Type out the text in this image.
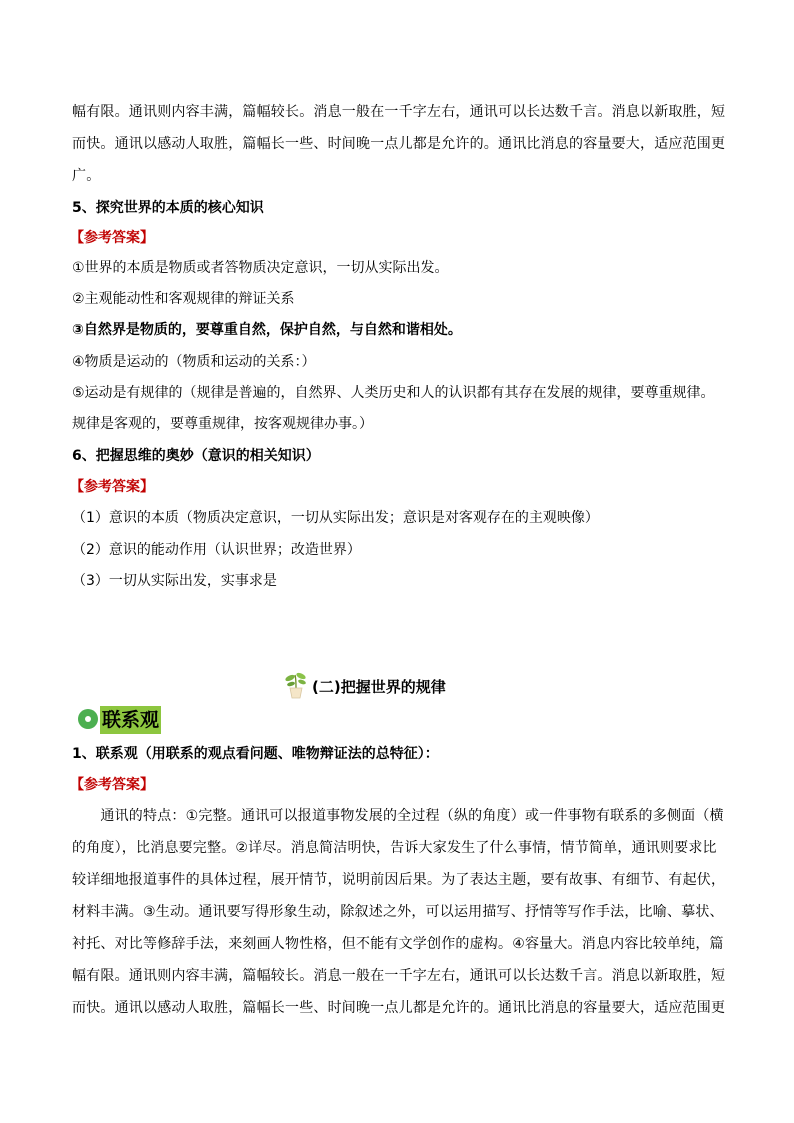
幅有限。通讯则内容丰满，篇幅较长。消息一般在一千字左右，通讯可以长达数千言。消息以新取胜，短

而快。通讯以感动人取胜，篇幅长一些、时间晚一点儿都是允许的。通讯比消息的容量要大，适应范围更

广。

5、探究世界的本质的核心知识

【参考答案】

①世界的本质是物质或者答物质决定意识，一切从实际出发。

②主观能动性和客观规律的辩证关系

③自然界是物质的，要尊重自然，保护自然，与自然和谐相处。

④物质是运动的（物质和运动的关系：）

⑤运动是有规律的（规律是普遍的，自然界、人类历史和人的认识都有其存在发展的规律，要尊重规律。

规律是客观的，要尊重规律，按客观规律办事。）

6、把握思维的奥妙（意识的相关知识）

【参考答案】

（1）意识的本质（物质决定意识，一切从实际出发；意识是对客观存在的主观映像）

（2）意识的能动作用（认识世界；改造世界）

（3）一切从实际出发，实事求是

(二)把握世界的规律
联系观

1、联系观（用联系的观点看问题、唯物辩证法的总特征）：

【参考答案】

　　通讯的特点：①完整。通讯可以报道事物发展的全过程（纵的角度）或一件事物有联系的多侧面（横

的角度），比消息要完整。②详尽。消息简洁明快，告诉大家发生了什么事情，情节简单，通讯则要求比

较详细地报道事件的具体过程，展开情节，说明前因后果。为了表达主题，要有故事、有细节、有起伏，

材料丰满。③生动。通讯要写得形象生动，除叙述之外，可以运用描写、抒情等写作手法，比喻、摹状、

衬托、对比等修辞手法，来刻画人物性格，但不能有文学创作的虚构。④容量大。消息内容比较单纯，篇

幅有限。通讯则内容丰满，篇幅较长。消息一般在一千字左右，通讯可以长达数千言。消息以新取胜，短

而快。通讯以感动人取胜，篇幅长一些、时间晚一点儿都是允许的。通讯比消息的容量要大，适应范围更
